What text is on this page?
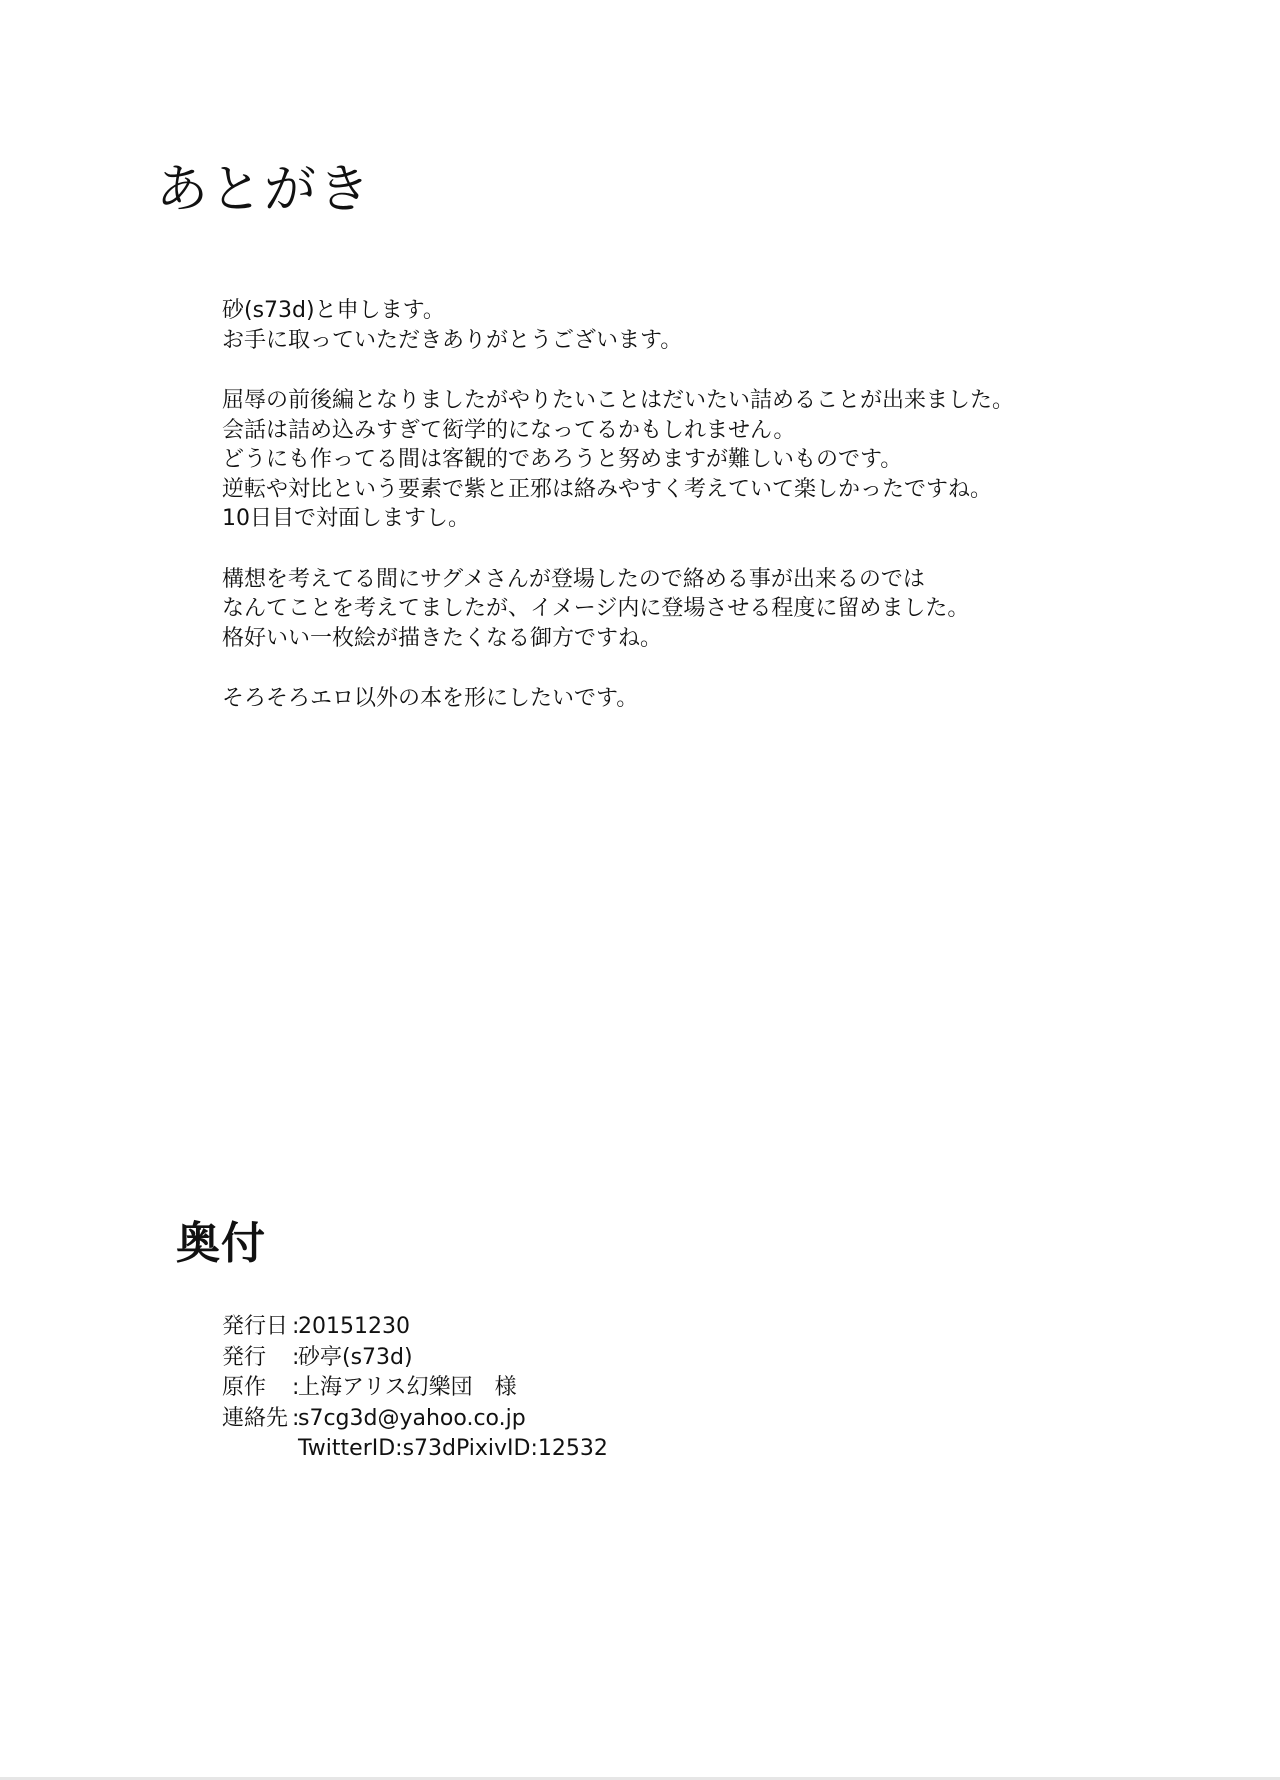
あとがき
砂(s73d)と申します。
お手に取っていただきありがとうございます。
屈辱の前後編となりましたがやりたいことはだいたい詰めることが出来ました。
会話は詰め込みすぎて衒学的になってるかもしれません。
どうにも作ってる間は客観的であろうと努めますが難しいものです。
逆転や対比という要素で紫と正邪は絡みやすく考えていて楽しかったですね。
10日目で対面しますし。
構想を考えてる間にサグメさんが登場したので絡める事が出来るのでは
なんてことを考えてましたが、イメージ内に登場させる程度に留めました。
格好いい一枚絵が描きたくなる御方ですね。
そろそろエロ以外の本を形にしたいです。
奥付
発行日 :
20151230
発行	:
砂亭(s73d)
原作	:
上海アリス幻樂団　様
連絡先 :
s7cg3d@yahoo.co.jp
TwitterID:s73d PixivID:12532
